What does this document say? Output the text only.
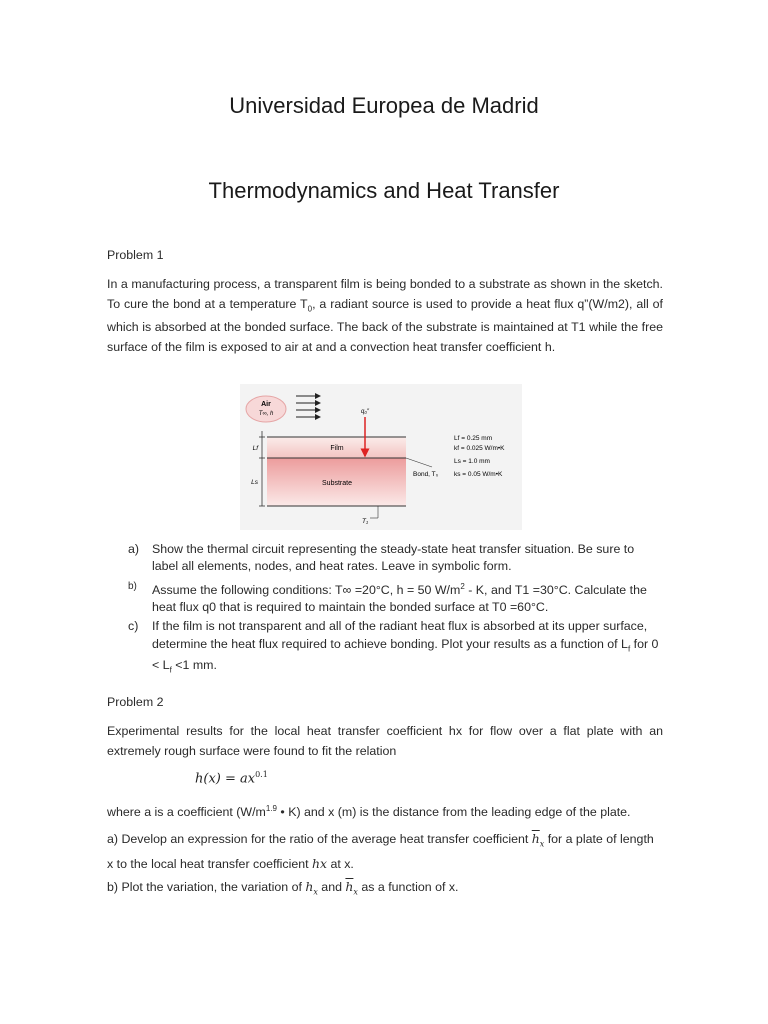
Universidad Europea de Madrid
Thermodynamics and Heat Transfer
Problem 1
In a manufacturing process, a transparent film is being bonded to a substrate as shown in the sketch. To cure the bond at a temperature $T_0$, a radiant source is used to provide a heat flux q”(W/m2), all of which is absorbed at the bonded surface. The back of the substrate is maintained at T1 while the free surface of the film is exposed to air at and a convection heat transfer coefficient h.
Air
T∞, h
Film
Substrate
q₀″
Lf
Ls
Bond, T₀
T₁
Lf = 0.25 mm
kf = 0.025 W/m•K
Ls = 1.0 mm
ks = 0.05 W/m•K
a) Show the thermal circuit representing the steady-state heat transfer situation. Be sure to label all elements, nodes, and heat rates. Leave in symbolic form.
b) Assume the following conditions: T∞ =20°C, h = 50 $W/m^2$ - K, and T1 =30°C. Calculate the heat flux q0 that is required to maintain the bonded surface at T0 =60°C.
c) If the film is not transparent and all of the radiant heat flux is absorbed at its upper surface, determine the heat flux required to achieve bonding. Plot your results as a function of $L_f$ for $0 < L_f <1$ mm.
Problem 2
Experimental results for the local heat transfer coefficient hx for flow over a flat plate with an extremely rough surface were found to fit the relation
$h(x) = ax^{0.1}$
where a is a coefficient ($W/m^{1.9}$ • K) and x (m) is the distance from the leading edge of the plate.
a) Develop an expression for the ratio of the average heat transfer coefficient $\overline{h}_x$ for a plate of length x to the local heat transfer coefficient hx at x.
b) Plot the variation, the variation of $h_x$ and $\overline{h}_x$ as a function of x.
